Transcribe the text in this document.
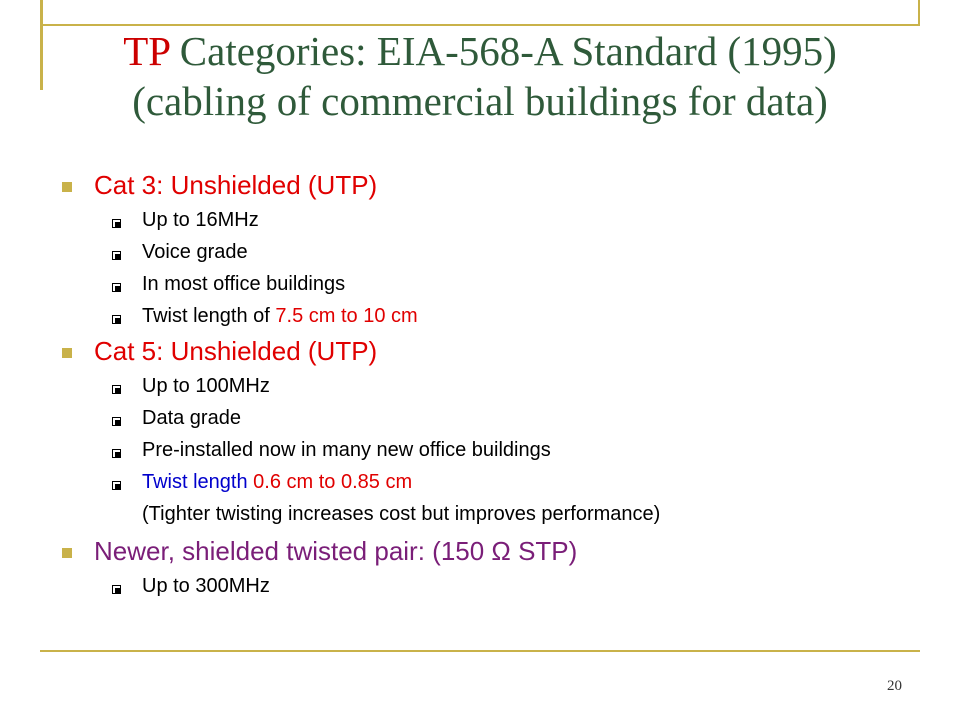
TP Categories: EIA-568-A Standard (1995)
(cabling of commercial buildings for data)
Cat 3: Unshielded (UTP)
Up to 16MHz
Voice grade
In most office buildings
Twist length of 7.5 cm to 10 cm
Cat 5: Unshielded (UTP)
Up to 100MHz
Data grade
Pre-installed now in many new office buildings
Twist length 0.6 cm to 0.85 cm
(Tighter twisting increases cost but improves performance)
Newer, shielded twisted pair: (150 Ω STP)
Up to 300MHz
20
